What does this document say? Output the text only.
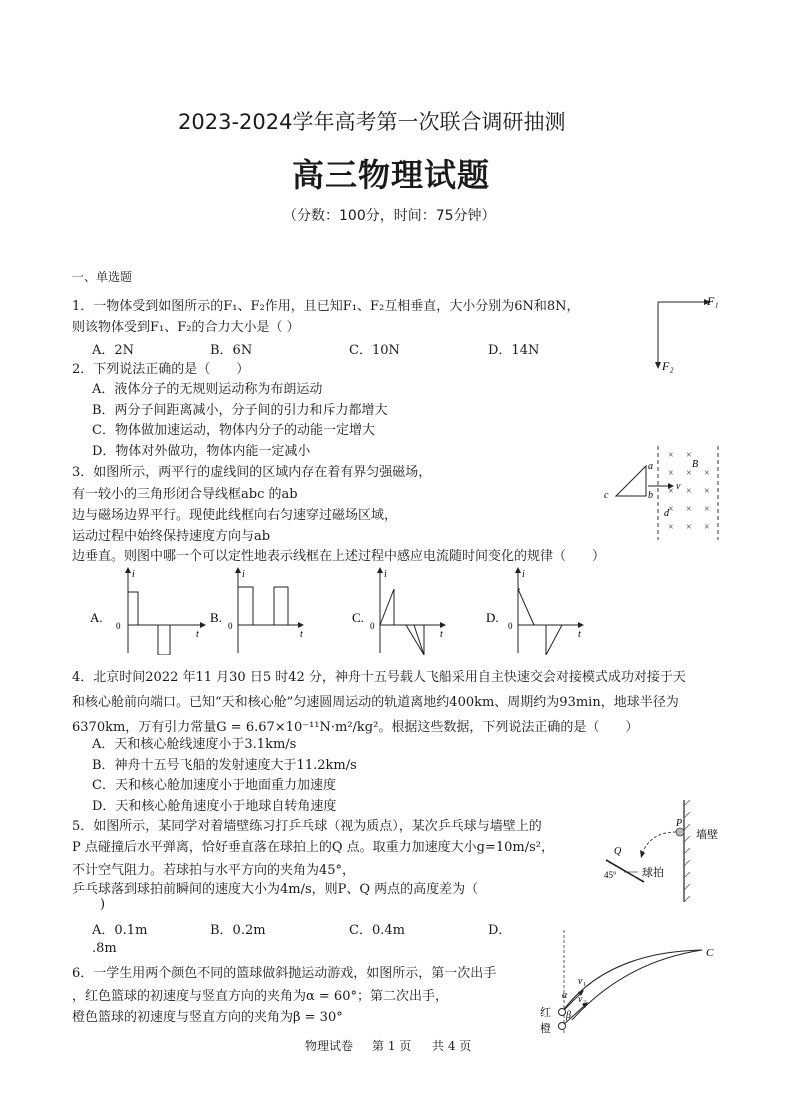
2023-2024学年高考第一次联合调研抽测
高三物理试题
（分数：100分，时间：75分钟）
一、单选题
1．一物体受到如图所示的F₁、F₂作用，且已知F₁、F₂互相垂直，大小分别为6N和8N，
则该物体受到F₁、F₂的合力大小是（ ）
A．2N	B．6N	C．10N	D．14N
F₁
F₂
2．下列说法正确的是（　　）
A．液体分子的无规则运动称为布朗运动
B．两分子间距离减小，分子间的引力和斥力都增大
C．物体做加速运动，物体内分子的动能一定增大
D．物体对外做功，物体内能一定减小
3．如图所示，两平行的虚线间的区域内存在着有界匀强磁场，
有一较小的三角形闭合导线框abc 的ab
边与磁场边界平行。现使此线框向右匀速穿过磁场区域，
运动过程中始终保持速度方向与ab
边垂直。则图中哪一个可以定性地表示线框在上述过程中感应电流随时间变化的规律（　　）
a
b
c
d
v
B
× ×
× × ×
× × ×
× × ×
× × ×
A.
i
0
t
B.
i
0
t
C.
i
0
t
D.
i
0
t
4．北京时间2022 年11 月30 日5 时42 分，神舟十五号载人飞船采用自主快速交会对接模式成功对接于天
和核心舱前向端口。已知“天和核心舱”匀速圆周运动的轨道离地约400km、周期约为93min，地球半径为
6370km，万有引力常量G = 6.67×10⁻¹¹N·m²/kg²。根据这些数据，下列说法正确的是（　　）
A．天和核心舱线速度小于3.1km/s
B．神舟十五号飞船的发射速度大于11.2km/s
C．天和核心舱加速度小于地面重力加速度
D．天和核心舱角速度小于地球自转角速度
5．如图所示，某同学对着墙壁练习打乒乓球（视为质点），某次乒乓球与墙壁上的
P 点碰撞后水平弹离，恰好垂直落在球拍上的Q 点。取重力加速度大小g=10m/s²，
不计空气阻力。若球拍与水平方向的夹角为45°，
乒乓球落到球拍前瞬间的速度大小为4m/s，则P、Q 两点的高度差为（
)
A．0.1m	B．0.2m	C．0.4m	D．
.8m
P
Q
墙壁
球拍
45°
6．一学生用两个颜色不同的篮球做斜抛运动游戏，如图所示，第一次出手
，红色篮球的初速度与竖直方向的夹角为α = 60°；第二次出手，
橙色篮球的初速度与竖直方向的夹角为β = 30°
C
v₁
v₂
α
β
红
橙
物理试卷 第 1 页 共 4 页
